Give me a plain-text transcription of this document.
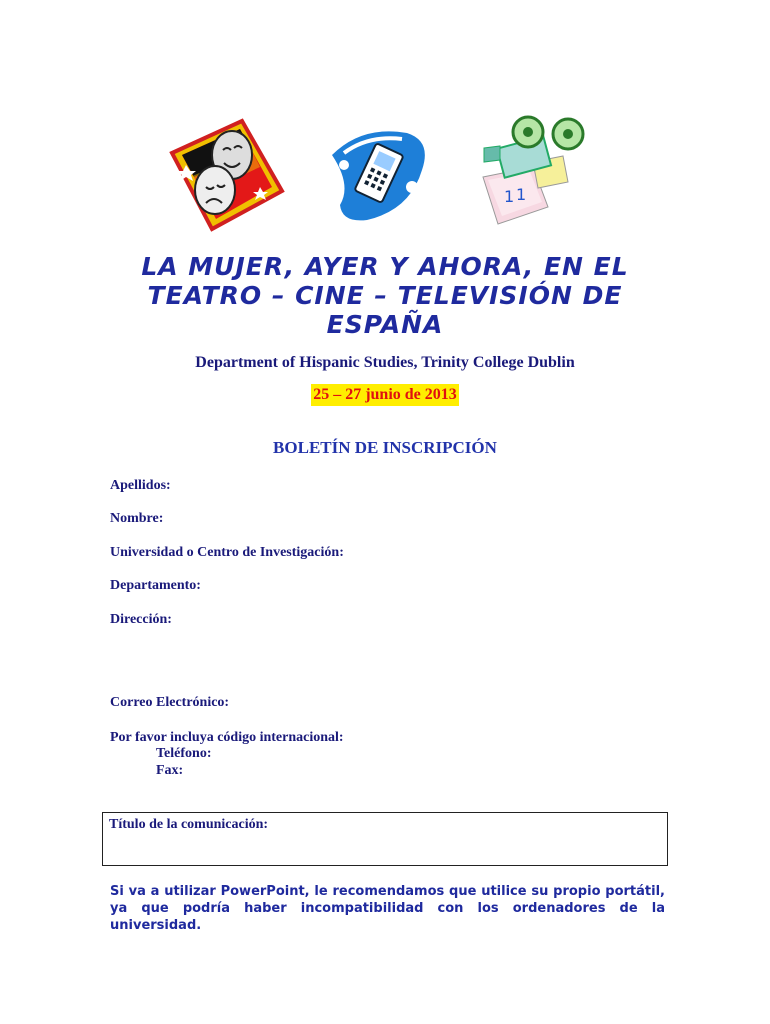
1 1
LA MUJER, AYER Y AHORA, EN EL
TEATRO – CINE – TELEVISIÓN DE
ESPAÑA
Department of Hispanic Studies, Trinity College Dublin
25 – 27 junio de 2013
BOLETÍN DE INSCRIPCIÓN
Apellidos:
Nombre:
Universidad o Centro de Investigación:
Departamento:
Dirección:
Correo Electrónico:
Por favor incluya código internacional:
Teléfono:
Fax:
Título de la comunicación:
Si va a utilizar PowerPoint, le recomendamos que utilice su propio portátil, ya que podría haber incompatibilidad con los ordenadores de la universidad.
